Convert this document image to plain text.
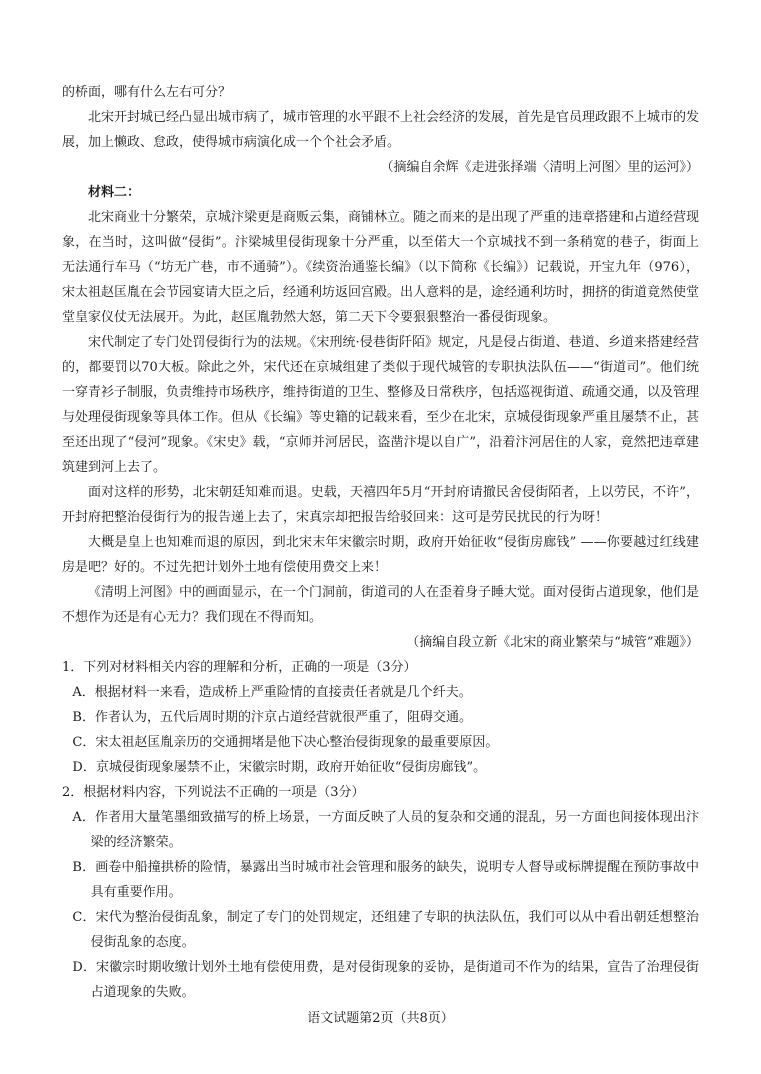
的桥面，哪有什么左右可分？

北宋开封城已经凸显出城市病了，城市管理的水平跟不上社会经济的发展，首先是官员理政跟不上城市的发展，加上懒政、怠政，使得城市病演化成一个个社会矛盾。

（摘编自余辉《走进张择端〈清明上河图〉里的运河》）

材料二：

北宋商业十分繁荣，京城汴梁更是商贩云集，商铺林立。随之而来的是出现了严重的违章搭建和占道经营现象，在当时，这叫做“侵街”。汴梁城里侵街现象十分严重，以至偌大一个京城找不到一条稍宽的巷子，街面上无法通行车马（“坊无广巷，市不通骑”）。《续资治通鉴长编》（以下简称《长编》）记载说，开宝九年（976），宋太祖赵匡胤在会节园宴请大臣之后，经通利坊返回宫殿。出人意料的是，途经通利坊时，拥挤的街道竟然使堂堂皇家仪仗无法展开。为此，赵匡胤勃然大怒，第二天下令要狠狠整治一番侵街现象。

宋代制定了专门处罚侵街行为的法规。《宋刑统·侵巷街阡陌》规定，凡是侵占街道、巷道、乡道来搭建经营的，都要罚以70大板。除此之外，宋代还在京城组建了类似于现代城管的专职执法队伍——“街道司”。他们统一穿青衫子制服，负责维持市场秩序，维持街道的卫生、整修及日常秩序，包括巡视街道、疏通交通，以及管理与处理侵街现象等具体工作。但从《长编》等史籍的记载来看，至少在北宋，京城侵街现象严重且屡禁不止，甚至还出现了“侵河”现象。《宋史》载，“京师并河居民，盗凿汴堤以自广”，沿着汴河居住的人家，竟然把违章建筑建到河上去了。

面对这样的形势，北宋朝廷知难而退。史载，天禧四年5月“开封府请撤民舍侵街陌者，上以劳民，不许”，开封府把整治侵街行为的报告递上去了，宋真宗却把报告给驳回来：这可是劳民扰民的行为呀！

大概是皇上也知难而退的原因，到北宋末年宋徽宗时期，政府开始征收“侵街房廊钱” ——你要越过红线建房是吧？好的。不过先把计划外土地有偿使用费交上来！

《清明上河图》中的画面显示，在一个门洞前，街道司的人在歪着身子睡大觉。面对侵街占道现象，他们是不想作为还是有心无力？我们现在不得而知。

（摘编自段立新《北宋的商业繁荣与“城管”难题》）

1．下列对材料相关内容的理解和分析，正确的一项是（3分）

A．根据材料一来看，造成桥上严重险情的直接责任者就是几个纤夫。

B．作者认为，五代后周时期的汴京占道经营就很严重了，阻碍交通。

C．宋太祖赵匡胤亲历的交通拥堵是他下决心整治侵街现象的最重要原因。

D．京城侵街现象屡禁不止，宋徽宗时期，政府开始征收“侵街房廊钱”。

2．根据材料内容，下列说法不正确的一项是（3分）

A．作者用大量笔墨细致描写的桥上场景，一方面反映了人员的复杂和交通的混乱，另一方面也间接体现出汴梁的经济繁荣。

B．画卷中船撞拱桥的险情，暴露出当时城市社会管理和服务的缺失，说明专人督导或标牌提醒在预防事故中具有重要作用。

C．宋代为整治侵街乱象，制定了专门的处罚规定，还组建了专职的执法队伍，我们可以从中看出朝廷想整治侵街乱象的态度。

D．宋徽宗时期收缴计划外土地有偿使用费，是对侵街现象的妥协，是街道司不作为的结果，宣告了治理侵街占道现象的失败。

语文试题第2页（共8页）
